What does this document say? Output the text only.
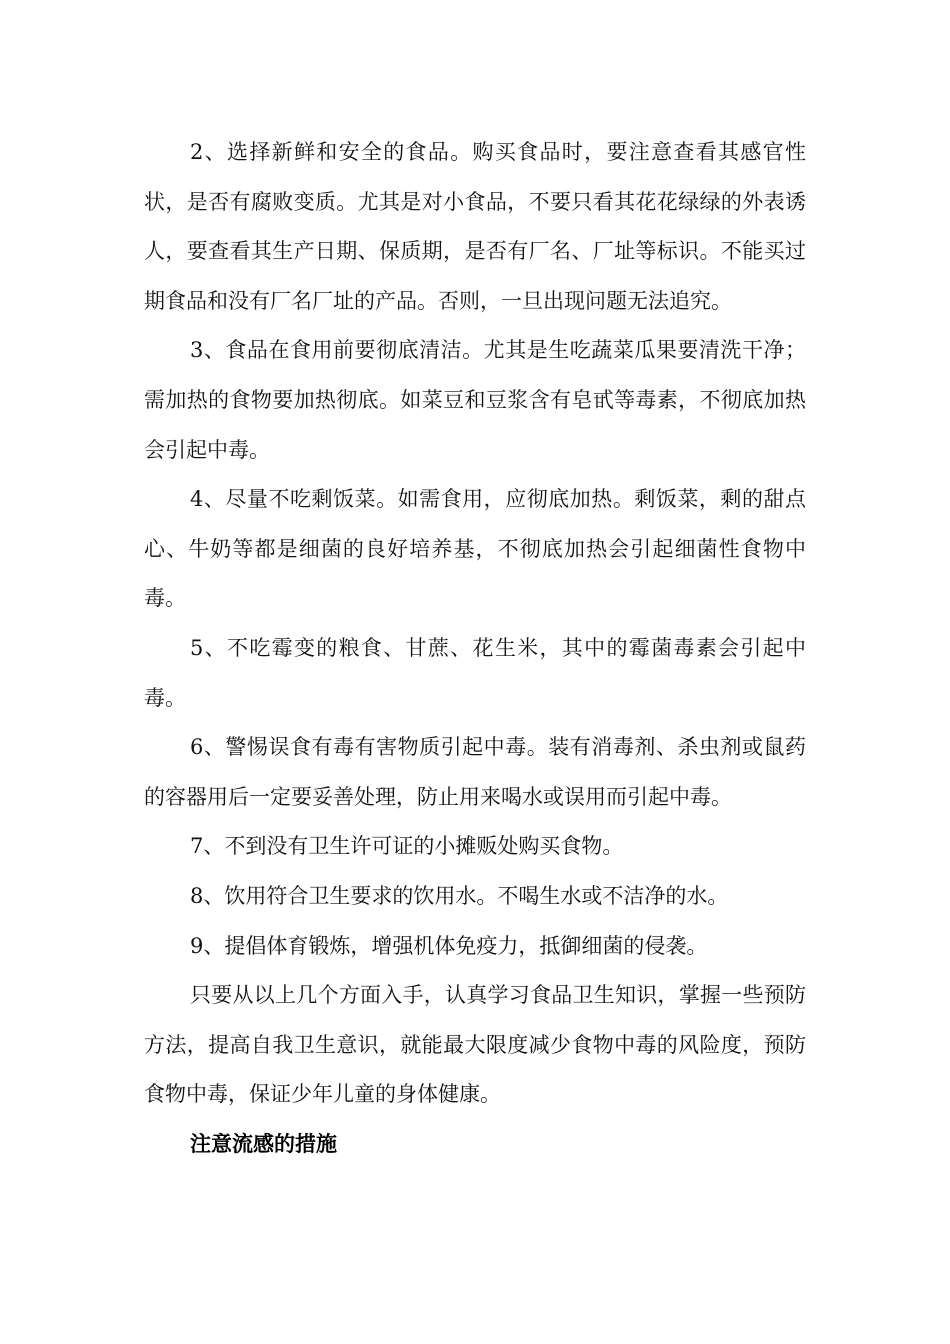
2、选择新鲜和安全的食品。购买食品时，要注意查看其感官性状，是否有腐败变质。尤其是对小食品，不要只看其花花绿绿的外表诱人，要查看其生产日期、保质期，是否有厂名、厂址等标识。不能买过期食品和没有厂名厂址的产品。否则，一旦出现问题无法追究。

3、食品在食用前要彻底清洁。尤其是生吃蔬菜瓜果要清洗干净；需加热的食物要加热彻底。如菜豆和豆浆含有皂甙等毒素，不彻底加热会引起中毒。

4、尽量不吃剩饭菜。如需食用，应彻底加热。剩饭菜，剩的甜点心、牛奶等都是细菌的良好培养基，不彻底加热会引起细菌性食物中毒。

5、不吃霉变的粮食、甘蔗、花生米，其中的霉菌毒素会引起中毒。

6、警惕误食有毒有害物质引起中毒。装有消毒剂、杀虫剂或鼠药的容器用后一定要妥善处理，防止用来喝水或误用而引起中毒。

7、不到没有卫生许可证的小摊贩处购买食物。

8、饮用符合卫生要求的饮用水。不喝生水或不洁净的水。

9、提倡体育锻炼，增强机体免疫力，抵御细菌的侵袭。

只要从以上几个方面入手，认真学习食品卫生知识，掌握一些预防方法，提高自我卫生意识，就能最大限度减少食物中毒的风险度，预防食物中毒，保证少年儿童的身体健康。

注意流感的措施
